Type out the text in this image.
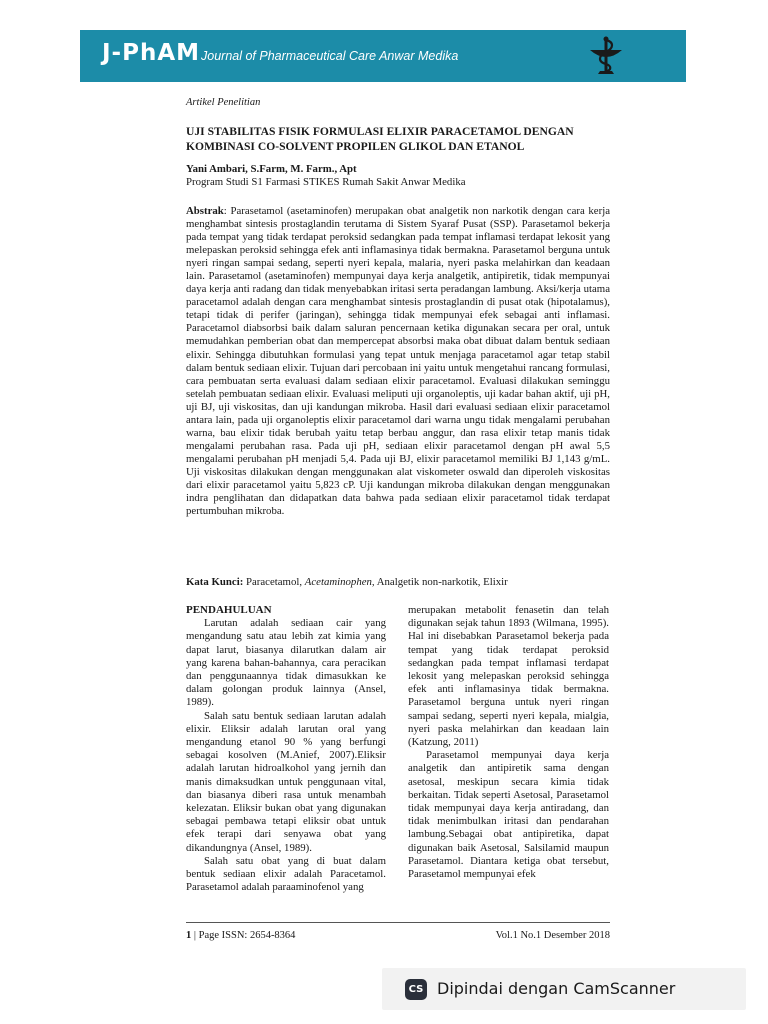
J-PhAM Journal of Pharmaceutical Care Anwar Medika
Artikel Penelitian
UJI STABILITAS FISIK FORMULASI ELIXIR PARACETAMOL DENGAN KOMBINASI CO-SOLVENT PROPILEN GLIKOL DAN ETANOL
Yani Ambari, S.Farm, M. Farm., Apt
Program Studi S1 Farmasi STIKES Rumah Sakit Anwar Medika
Abstrak: Parasetamol (asetaminofen) merupakan obat analgetik non narkotik dengan cara kerja menghambat sintesis prostaglandin terutama di Sistem Syaraf Pusat (SSP). Parasetamol bekerja pada tempat yang tidak terdapat peroksid sedangkan pada tempat inflamasi terdapat lekosit yang melepaskan peroksid sehingga efek anti inflamasinya tidak bermakna. Parasetamol berguna untuk nyeri ringan sampai sedang, seperti nyeri kepala, malaria, nyeri paska melahirkan dan keadaan lain. Parasetamol (asetaminofen) mempunyai daya kerja analgetik, antipiretik, tidak mempunyai daya kerja anti radang dan tidak menyebabkan iritasi serta peradangan lambung. Aksi/kerja utama paracetamol adalah dengan cara menghambat sintesis prostaglandin di pusat otak (hipotalamus), tetapi tidak di perifer (jaringan), sehingga tidak mempunyai efek sebagai anti inflamasi. Paracetamol diabsorbsi baik dalam saluran pencernaan ketika digunakan secara per oral, untuk memudahkan pemberian obat dan mempercepat absorbsi maka obat dibuat dalam bentuk sediaan elixir. Sehingga dibutuhkan formulasi yang tepat untuk menjaga paracetamol agar tetap stabil dalam bentuk sediaan elixir. Tujuan dari percobaan ini yaitu untuk mengetahui rancang formulasi, cara pembuatan serta evaluasi dalam sediaan elixir paracetamol. Evaluasi dilakukan seminggu setelah pembuatan sediaan elixir. Evaluasi meliputi uji organoleptis, uji kadar bahan aktif, uji pH, uji BJ, uji viskositas, dan uji kandungan mikroba. Hasil dari evaluasi sediaan elixir paracetamol antara lain, pada uji organoleptis elixir paracetamol dari warna ungu tidak mengalami perubahan warna, bau elixir tidak berubah yaitu tetap berbau anggur, dan rasa elixir tetap manis tidak mengalami perubahan rasa. Pada uji pH, sediaan elixir paracetamol dengan pH awal 5,5 mengalami perubahan pH menjadi 5,4. Pada uji BJ, elixir paracetamol memiliki BJ 1,143 g/mL. Uji viskositas dilakukan dengan menggunakan alat viskometer oswald dan diperoleh viskositas dari elixir paracetamol yaitu 5,823 cP. Uji kandungan mikroba dilakukan dengan menggunakan indra penglihatan dan didapatkan data bahwa pada sediaan elixir paracetamol tidak terdapat pertumbuhan mikroba.
Kata Kunci: Paracetamol, Acetaminophen, Analgetik non-narkotik, Elixir
PENDAHULUAN

Larutan adalah sediaan cair yang mengandung satu atau lebih zat kimia yang dapat larut, biasanya dilarutkan dalam air yang karena bahan-bahannya, cara peracikan dan penggunaannya tidak dimasukkan ke dalam golongan produk lainnya (Ansel, 1989).

Salah satu bentuk sediaan larutan adalah elixir. Eliksir adalah larutan oral yang mengandung etanol 90 % yang berfungi sebagai kosolven (M.Anief, 2007).Eliksir adalah larutan hidroalkohol yang jernih dan manis dimaksudkan untuk penggunaan vital, dan biasanya diberi rasa untuk menambah kelezatan. Eliksir bukan obat yang digunakan sebagai pembawa tetapi eliksir obat untuk efek terapi dari senyawa obat yang dikandungnya (Ansel, 1989).

Salah satu obat yang di buat dalam bentuk sediaan elixir adalah Paracetamol. Parasetamol adalah paraaminofenol yang

merupakan metabolit fenasetin dan telah digunakan sejak tahun 1893 (Wilmana, 1995). Hal ini disebabkan Parasetamol bekerja pada tempat yang tidak terdapat peroksid sedangkan pada tempat inflamasi terdapat lekosit yang melepaskan peroksid sehingga efek anti inflamasinya tidak bermakna. Parasetamol berguna untuk nyeri ringan sampai sedang, seperti nyeri kepala, mialgia, nyeri paska melahirkan dan keadaan lain (Katzung, 2011)

Parasetamol mempunyai daya kerja analgetik dan antipiretik sama dengan asetosal, meskipun secara kimia tidak berkaitan. Tidak seperti Asetosal, Parasetamol tidak mempunyai daya kerja antiradang, dan tidak menimbulkan iritasi dan pendarahan lambung.Sebagai obat antipiretika, dapat digunakan baik Asetosal, Salsilamid maupun Parasetamol. Diantara ketiga obat tersebut, Parasetamol mempunyai efek

1 | Page ISSN: 2654-8364	Vol.1 No.1 Desember 2018
CS Dipindai dengan CamScanner
